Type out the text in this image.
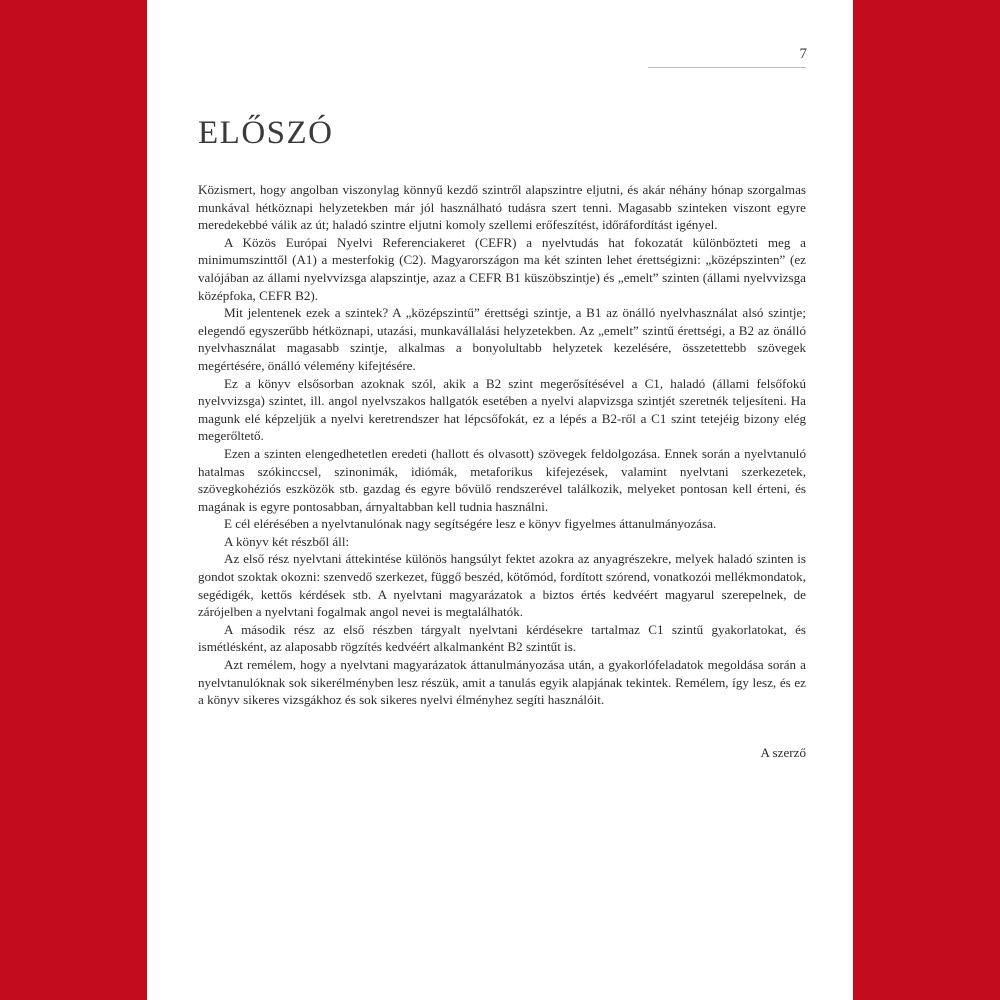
7

ELŐSZÓ

Közismert, hogy angolban viszonylag könnyű kezdő szintről alapszintre eljutni, és akár néhány hónap szorgalmas munkával hétköznapi helyzetekben már jól használható tudásra szert tenni. Magasabb szinteken viszont egyre meredekebbé válik az út; haladó szintre eljutni komoly szellemi erőfeszítést, időráfordítást igényel.

A Közös Európai Nyelvi Referenciakeret (CEFR) a nyelvtudás hat fokozatát különbözteti meg a minimumszinttől (A1) a mesterfokig (C2). Magyarországon ma két szinten lehet érettségizni: „középszinten” (ez valójában az állami nyelvvizsga alapszintje, azaz a CEFR B1 küszöbszintje) és „emelt” szinten (állami nyelvvizsga középfoka, CEFR B2).

Mit jelentenek ezek a szintek? A „középszintű” érettségi szintje, a B1 az önálló nyelvhasználat alsó szintje; elegendő egyszerűbb hétköznapi, utazási, munkavállalási helyzetekben. Az „emelt” szintű érettségi, a B2 az önálló nyelvhasználat magasabb szintje, alkalmas a bonyolultabb helyzetek kezelésére, összetettebb szövegek megértésére, önálló vélemény kifejtésére.

Ez a könyv elsősorban azoknak szól, akik a B2 szint megerősítésével a C1, haladó (állami felsőfokú nyelvvizsga) szintet, ill. angol nyelvszakos hallgatók esetében a nyelvi alapvizsga szintjét szeretnék teljesíteni. Ha magunk elé képzeljük a nyelvi keretrendszer hat lépcsőfokát, ez a lépés a B2-ről a C1 szint tetejéig bizony elég megerőltető.

Ezen a szinten elengedhetetlen eredeti (hallott és olvasott) szövegek feldolgozása. Ennek során a nyelvtanuló hatalmas szókinccsel, szinonimák, idiómák, metaforikus kifejezések, valamint nyelvtani szerkezetek, szövegkohéziós eszközök stb. gazdag és egyre bővülő rendszerével találkozik, melyeket pontosan kell érteni, és magának is egyre pontosabban, árnyaltabban kell tudnia használni.

E cél elérésében a nyelvtanulónak nagy segítségére lesz e könyv figyelmes áttanulmányozása.

A könyv két részből áll:

Az első rész nyelvtani áttekintése különös hangsúlyt fektet azokra az anyagrészekre, melyek haladó szinten is gondot szoktak okozni: szenvedő szerkezet, függő beszéd, kötőmód, fordított szórend, vonatkozói mellékmondatok, segédigék, kettős kérdések stb. A nyelvtani magyarázatok a biztos értés kedvéért magyarul szerepelnek, de zárójelben a nyelvtani fogalmak angol nevei is megtalálhatók.

A második rész az első részben tárgyalt nyelvtani kérdésekre tartalmaz C1 szintű gyakorlatokat, és ismétlésként, az alaposabb rögzítés kedvéért alkalmanként B2 szintűt is.

Azt remélem, hogy a nyelvtani magyarázatok áttanulmányozása után, a gyakorlófeladatok megoldása során a nyelvtanulóknak sok sikerélményben lesz részük, amit a tanulás egyik alapjának tekintek. Remélem, így lesz, és ez a könyv sikeres vizsgákhoz és sok sikeres nyelvi élményhez segíti használóit.

A szerző
